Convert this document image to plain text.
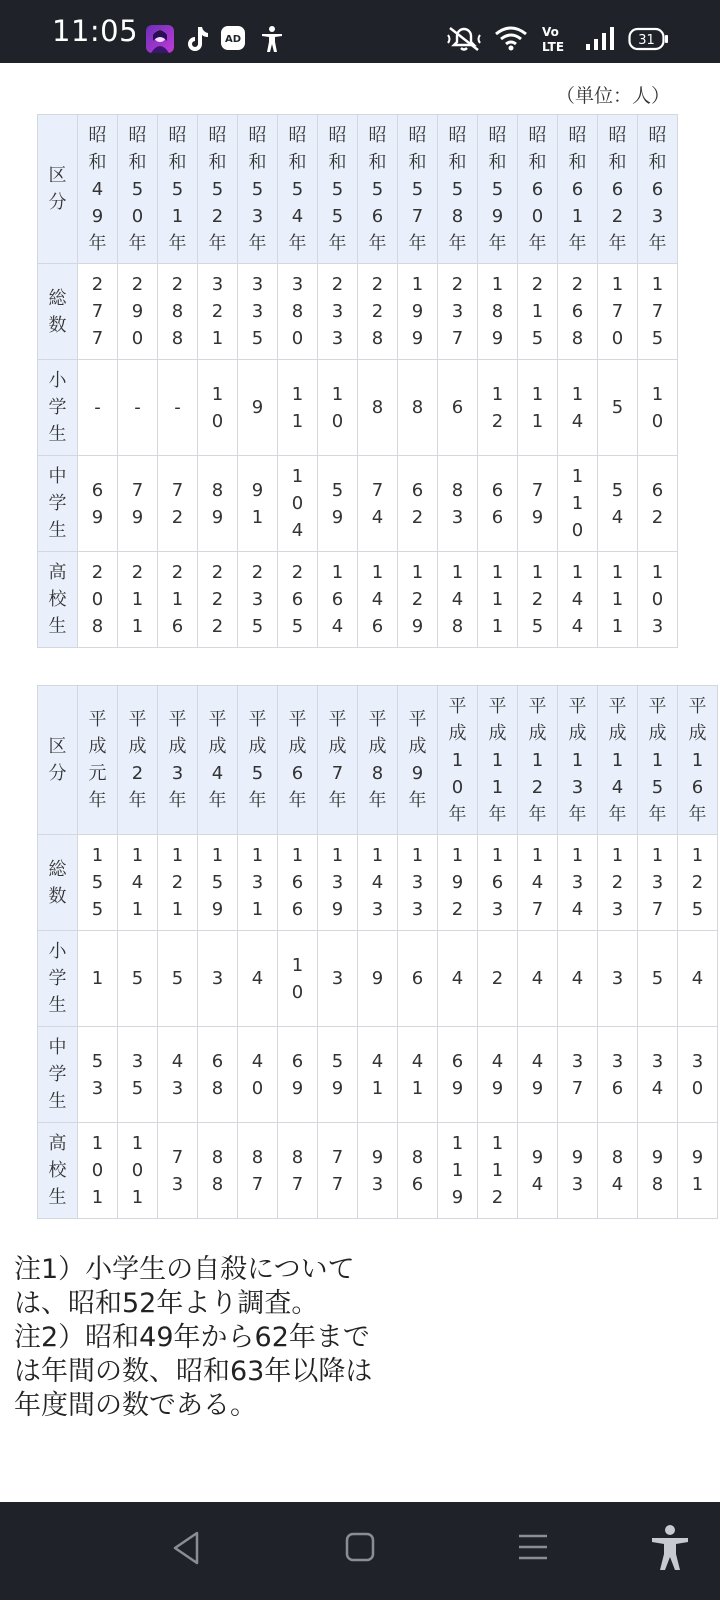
11:05	AD
Vo
LTE	31
（単位：人）
区分	昭和49年	昭和50年	昭和51年	昭和52年	昭和53年	昭和54年	昭和55年	昭和56年	昭和57年	昭和58年	昭和59年	昭和60年	昭和61年	昭和62年	昭和63年

総数	277	290	288	321	335	380	233	228	199	237	189	215	268	170	175

小学生	-	-	-	10	9	11	10	8	8	6	12	11	14	5	10

中学生	69	79	72	89	91	104	59	74	62	83	66	79	110	54	62

高校生	208	211	216	222	235	265	164	146	129	148	111	125	144	111	103
区分	平成元年	平成2年	平成3年	平成4年	平成5年	平成6年	平成7年	平成8年	平成9年	平成10年	平成11年	平成12年	平成13年	平成14年	平成15年	平成16年

総数	155	141	121	159	131	166	139	143	133	192	163	147	134	123	137	125

小学生	1	5	5	3	4	10	3	9	6	4	2	4	4	3	5	4

中学生	53	35	43	68	40	69	59	41	41	69	49	49	37	36	34	30

高校生	101	101	73	88	87	87	77	93	86	119	112	94	93	84	98	91

注1）小学生の自殺については、昭和52年より調査。

注2）昭和49年から62年までは年間の数、昭和63年以降は年度間の数である。
